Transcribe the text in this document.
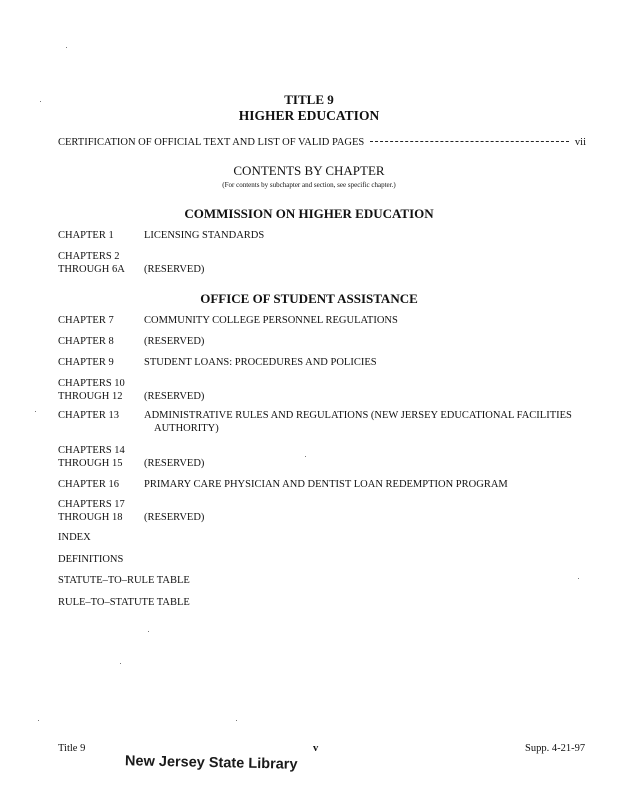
TITLE 9
HIGHER EDUCATION
CERTIFICATION OF OFFICIAL TEXT AND LIST OF VALID PAGES	vii
CONTENTS BY CHAPTER
(For contents by subchapter and section, see specific chapter.)
COMMISSION ON HIGHER EDUCATION
CHAPTER 1	LICENSING STANDARDS
CHAPTERS 2
THROUGH 6A	(RESERVED)
OFFICE OF STUDENT ASSISTANCE
CHAPTER 7	COMMUNITY COLLEGE PERSONNEL REGULATIONS
CHAPTER 8	(RESERVED)
CHAPTER 9	STUDENT LOANS: PROCEDURES AND POLICIES
CHAPTERS 10
THROUGH 12	(RESERVED)
CHAPTER 13	ADMINISTRATIVE RULES AND REGULATIONS (NEW JERSEY EDUCATIONAL FACILITIES
AUTHORITY)
CHAPTERS 14
THROUGH 15	(RESERVED)
CHAPTER 16	PRIMARY CARE PHYSICIAN AND DENTIST LOAN REDEMPTION PROGRAM
CHAPTERS 17
THROUGH 18	(RESERVED)
INDEX
DEFINITIONS
STATUTE–TO–RULE TABLE
RULE–TO–STATUTE TABLE
Title 9	v	Supp. 4-21-97
New Jersey State Library
